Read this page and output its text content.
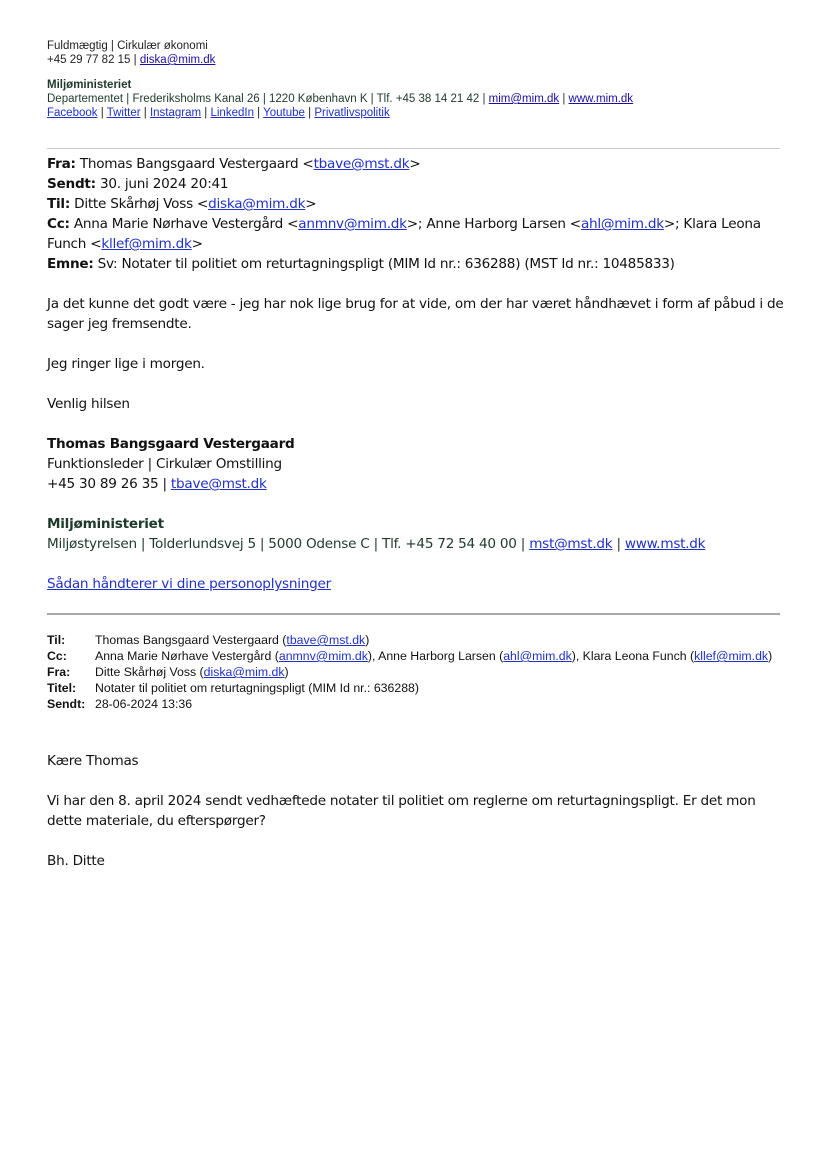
Fuldmægtig | Cirkulær økonomi
+45 29 77 82 15 | diska@mim.dk
Miljøministeriet
Departementet | Frederiksholms Kanal 26 | 1220 København K | Tlf. +45 38 14 21 42 | mim@mim.dk | www.mim.dk
Facebook | Twitter | Instagram | LinkedIn | Youtube | Privatlivspolitik
Fra: Thomas Bangsgaard Vestergaard <tbave@mst.dk>
Sendt: 30. juni 2024 20:41
Til: Ditte Skårhøj Voss <diska@mim.dk>
Cc: Anna Marie Nørhave Vestergård <anmnv@mim.dk>; Anne Harborg Larsen <ahl@mim.dk>; Klara Leona Funch <kllef@mim.dk>
Emne: Sv: Notater til politiet om returtagningspligt (MIM Id nr.: 636288) (MST Id nr.: 10485833)
Ja det kunne det godt være - jeg har nok lige brug for at vide, om der har været håndhævet i form af påbud i de sager jeg fremsendte.
Jeg ringer lige i morgen.
Venlig hilsen
Thomas Bangsgaard Vestergaard
Funktionsleder | Cirkulær Omstilling
+45 30 89 26 35 | tbave@mst.dk
Miljøministeriet
Miljøstyrelsen | Tolderlundsvej 5 | 5000 Odense C | Tlf. +45 72 54 40 00 | mst@mst.dk | www.mst.dk
Sådan håndterer vi dine personoplysninger
Til:	Thomas Bangsgaard Vestergaard (tbave@mst.dk)
Cc:	Anna Marie Nørhave Vestergård (anmnv@mim.dk), Anne Harborg Larsen (ahl@mim.dk), Klara Leona Funch (kllef@mim.dk)
Fra:	Ditte Skårhøj Voss (diska@mim.dk)
Titel:	Notater til politiet om returtagningspligt (MIM Id nr.: 636288)
Sendt:	28-06-2024 13:36
Kære Thomas
Vi har den 8. april 2024 sendt vedhæftede notater til politiet om reglerne om returtagningspligt. Er det mon dette materiale, du efterspørger?
Bh. Ditte
